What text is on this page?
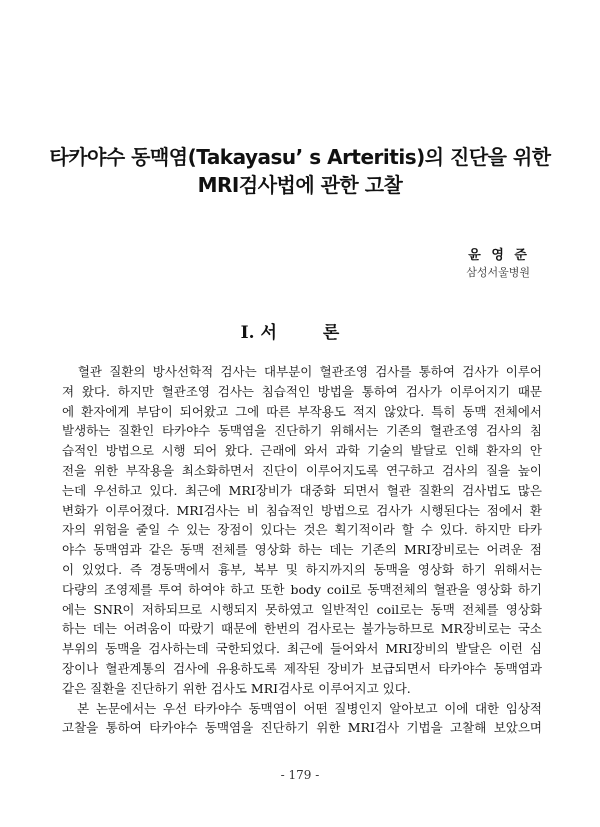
타카야수 동맥염(Takayasu’ s Arteritis)의 진단을 위한
MRI검사법에 관한 고찰
윤 영 준
삼성서울병원
Ⅰ. 서 론
　혈관 질환의 방사선학적 검사는 대부분이 혈관조영 검사를 통하여 검사가 이루어
져 왔다. 하지만 혈관조영 검사는 침습적인 방법을 통하여 검사가 이루어지기 때문
에 환자에게 부담이 되어왔고 그에 따른 부작용도 적지 않았다. 특히 동맥 전체에서
발생하는 질환인 타카야수 동맥염을 진단하기 위해서는 기존의 혈관조영 검사의 침
습적인 방법으로 시행 되어 왔다. 근래에 와서 과학 기술의 발달로 인해 환자의 안
전을 위한 부작용을 최소화하면서 진단이 이루어지도록 연구하고 검사의 질을 높이
는데 우선하고 있다. 최근에 MRI장비가 대중화 되면서 혈관 질환의 검사법도 많은
변화가 이루어졌다. MRI검사는 비 침습적인 방법으로 검사가 시행된다는 점에서 환
자의 위험을 줄일 수 있는 장점이 있다는 것은 획기적이라 할 수 있다. 하지만 타카
야수 동맥염과 같은 동맥 전체를 영상화 하는 데는 기존의 MRI장비로는 어려운 점
이 있었다. 즉 경동맥에서 흉부, 복부 및 하지까지의 동맥을 영상화 하기 위해서는
다량의 조영제를 투여 하여야 하고 또한 body coil로 동맥전체의 혈관을 영상화 하기
에는 SNR이 저하되므로 시행되지 못하였고 일반적인 coil로는 동맥 전체를 영상화
하는 데는 어려움이 따랐기 때문에 한번의 검사로는 불가능하므로 MR장비로는 국소
부위의 동맥을 검사하는데 국한되었다. 최근에 들어와서 MRI장비의 발달은 이런 심
장이나 혈관계통의 검사에 유용하도록 제작된 장비가 보급되면서 타카야수 동맥염과
같은 질환을 진단하기 위한 검사도 MRI검사로 이루어지고 있다.
　본 논문에서는 우선 타카야수 동맥염이 어떤 질병인지 알아보고 이에 대한 임상적
고찰을 통하여 타카야수 동맥염을 진단하기 위한 MRI검사 기법을 고찰해 보았으며
- 179 -
